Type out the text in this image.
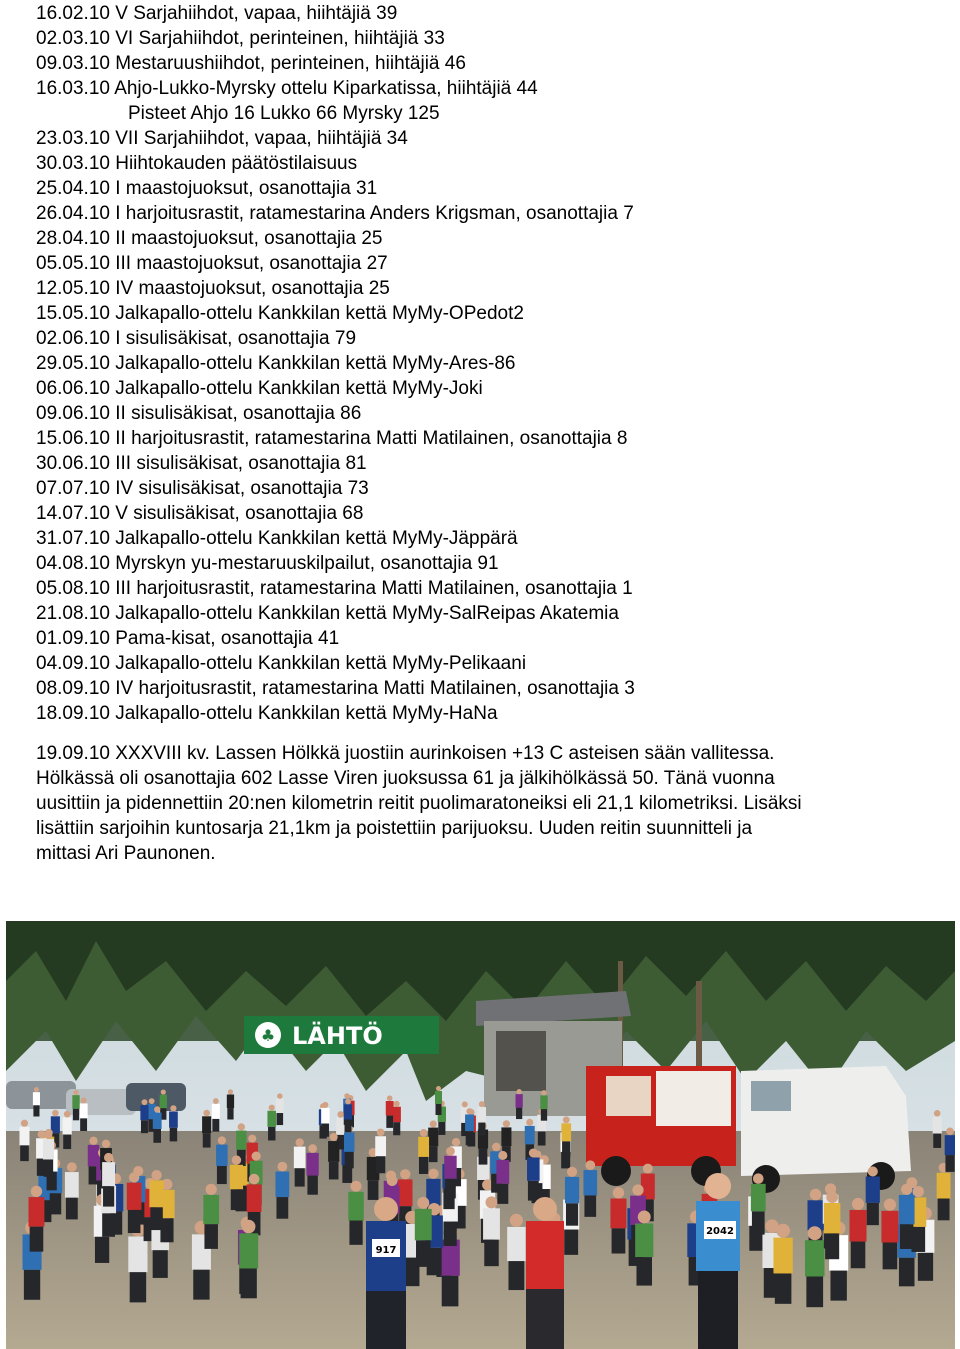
16.02.10 V Sarjahiihdot, vapaa, hiihtäjiä 39
02.03.10 VI Sarjahiihdot, perinteinen, hiihtäjiä 33
09.03.10 Mestaruushiihdot, perinteinen, hiihtäjiä 46
16.03.10 Ahjo-Lukko-Myrsky ottelu Kiparkatissa, hiihtäjiä 44
Pisteet Ahjo 16 Lukko 66 Myrsky 125
23.03.10 VII Sarjahiihdot, vapaa, hiihtäjiä 34
30.03.10 Hiihtokauden päätöstilaisuus
25.04.10 I maastojuoksut, osanottajia 31
26.04.10 I harjoitusrastit, ratamestarina Anders Krigsman, osanottajia 7
28.04.10 II maastojuoksut, osanottajia 25
05.05.10 III maastojuoksut, osanottajia 27
12.05.10 IV maastojuoksut, osanottajia 25
15.05.10 Jalkapallo-ottelu Kankkilan kettä MyMy-OPedot2
02.06.10 I sisulisäkisat, osanottajia 79
29.05.10 Jalkapallo-ottelu Kankkilan kettä MyMy-Ares-86
06.06.10 Jalkapallo-ottelu Kankkilan kettä MyMy-Joki
09.06.10 II sisulisäkisat, osanottajia 86
15.06.10 II harjoitusrastit, ratamestarina Matti Matilainen, osanottajia 8
30.06.10 III sisulisäkisat, osanottajia 81
07.07.10 IV sisulisäkisat, osanottajia 73
14.07.10 V sisulisäkisat, osanottajia 68
31.07.10 Jalkapallo-ottelu Kankkilan kettä MyMy-Jäppärä
04.08.10 Myrskyn yu-mestaruuskilpailut, osanottajia 91
05.08.10 III harjoitusrastit, ratamestarina Matti Matilainen, osanottajia 1
21.08.10 Jalkapallo-ottelu Kankkilan kettä MyMy-SalReipas Akatemia
01.09.10 Pama-kisat, osanottajia 41
04.09.10 Jalkapallo-ottelu Kankkilan kettä MyMy-Pelikaani
08.09.10 IV harjoitusrastit, ratamestarina Matti Matilainen, osanottajia 3
18.09.10 Jalkapallo-ottelu Kankkilan kettä MyMy-HaNa
19.09.10 XXXVIII kv. Lassen Hölkkä juostiin aurinkoisen +13 C asteisen sään vallitessa.
Hölkässä oli osanottajia 602 Lasse Viren juoksussa 61 ja jälkihölkässä 50. Tänä vuonna
uusittiin ja pidennettiin 20:nen kilometrin reitit puolimaratoneiksi eli 21,1 kilometriksi. Lisäksi
lisättiin sarjoihin kuntosarja 21,1km ja poistettiin parijuoksu. Uuden reitin suunnitteli ja
mittasi Ari Paunonen.
♣ LÄHTÖ
917
2042
